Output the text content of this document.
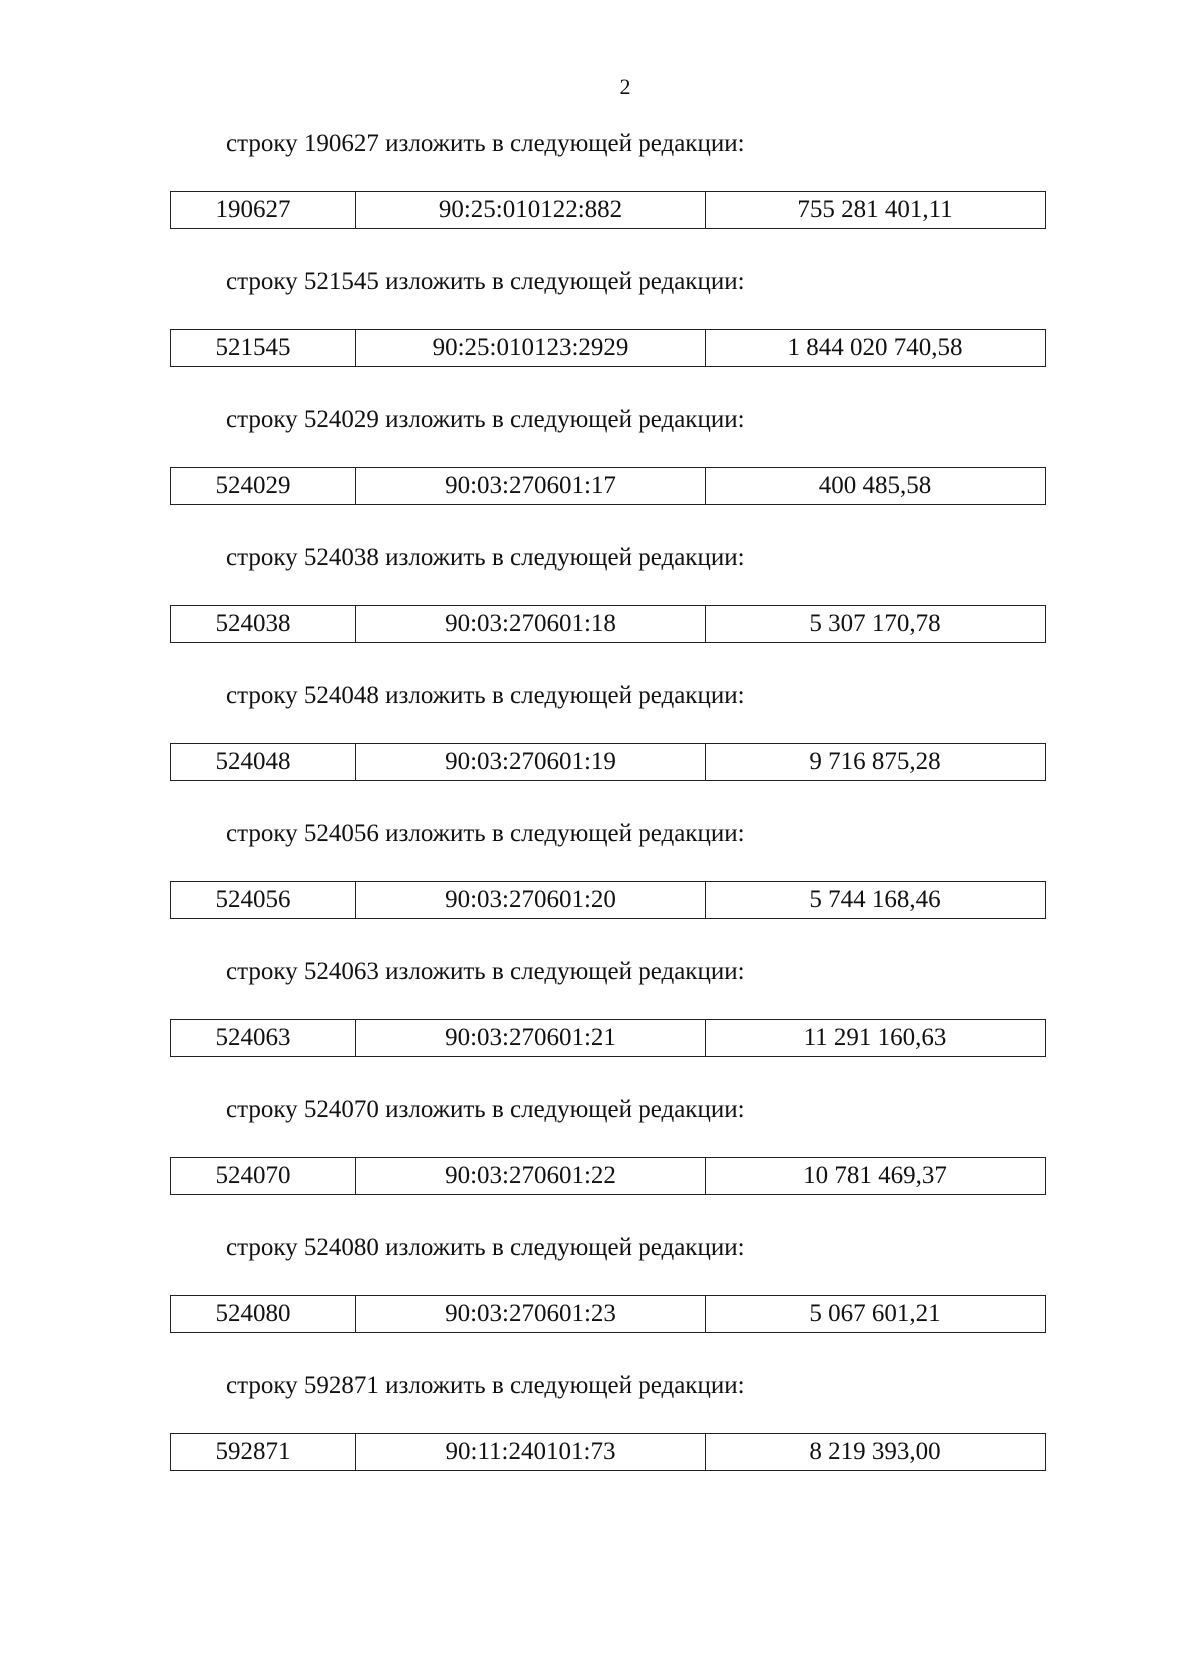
2
строку 190627 изложить в следующей редакции:
190627	90:25:010122:882	755 281 401,11
строку 521545 изложить в следующей редакции:
521545	90:25:010123:2929	1 844 020 740,58
строку 524029 изложить в следующей редакции:
524029	90:03:270601:17	400 485,58
строку 524038 изложить в следующей редакции:
524038	90:03:270601:18	5 307 170,78
строку 524048 изложить в следующей редакции:
524048	90:03:270601:19	9 716 875,28
строку 524056 изложить в следующей редакции:
524056	90:03:270601:20	5 744 168,46
строку 524063 изложить в следующей редакции:
524063	90:03:270601:21	11 291 160,63
строку 524070 изложить в следующей редакции:
524070	90:03:270601:22	10 781 469,37
строку 524080 изложить в следующей редакции:
524080	90:03:270601:23	5 067 601,21
строку 592871 изложить в следующей редакции:
592871	90:11:240101:73	8 219 393,00
